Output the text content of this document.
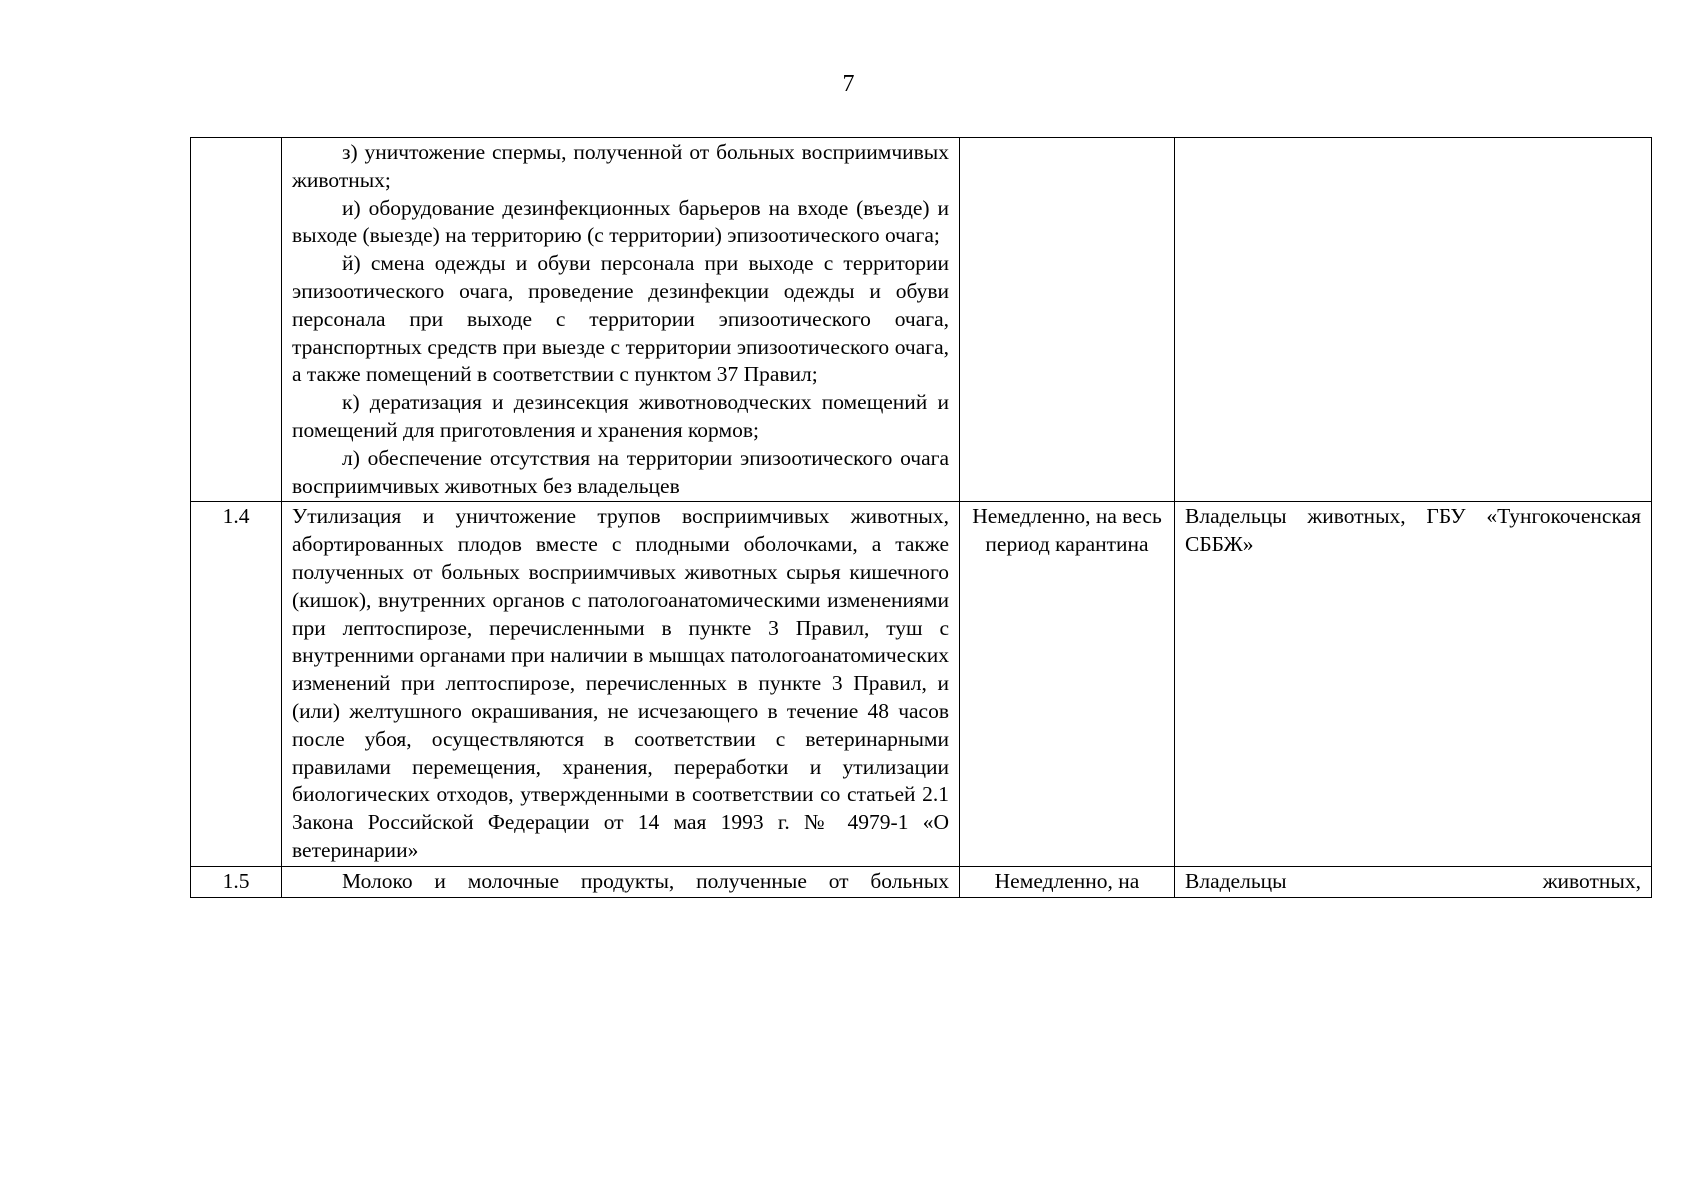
7

	з) уничтожение спермы, полученной от больных восприимчивых животных;

и) оборудование дезинфекционных барьеров на входе (въезде) и выходе (выезде) на территорию (с территории) эпизоотического очага;

й) смена одежды и обуви персонала при выходе с территории эпизоотического очага, проведение дезинфекции одежды и обуви персонала при выходе с территории эпизоотического очага, транспортных средств при выезде с территории эпизоотического очага, а также помещений в соответствии с пунктом 37 Правил;

к) дератизация и дезинсекция животноводческих помещений и помещений для приготовления и хранения кормов;

л) обеспечение отсутствия на территории эпизоотического очага восприимчивых животных без владельцев		

1.4	Утилизация и уничтожение трупов восприимчивых животных, абортированных плодов вместе с плодными оболочками, а также полученных от больных восприимчивых животных сырья кишечного (кишок), внутренних органов с патологоанатомическими изменениями при лептоспирозе, перечисленными в пункте 3 Правил, туш с внутренними органами при наличии в мышцах патологоанатомических изменений при лептоспирозе, перечисленных в пункте 3 Правил, и (или) желтушного окрашивания, не исчезающего в течение 48 часов после убоя, осуществляются в соответствии с ветеринарными правилами перемещения, хранения, переработки и утилизации биологических отходов, утвержденными в соответствии со статьей 2.1 Закона Российской Федерации от 14 мая 1993 г. № 4979-1 «О ветеринарии»	Немедленно, на весь период карантина	Владельцы животных, ГБУ «Тунгокоченская СББЖ»
1.5	Молоко и молочные продукты, полученные от больных	Немедленно, на	Владельцы животных,
